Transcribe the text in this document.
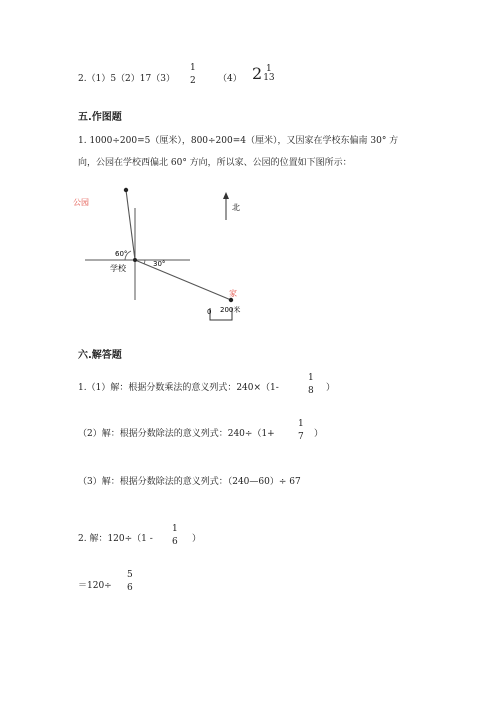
2.（1）5（2）17（3）
1
2 （4） 2 1
13
五.作图题
1. 1000÷200=5（厘米），800÷200=4（厘米），又因家在学校东偏南 30° 方
向，公园在学校西偏北 60° 方向，所以家、公园的位置如下图所示：
公园
60°
30°
学校
家
北
0 200米
六.解答题
1.（1）解：根据分数乘法的意义列式：240×（1-
1
8 ）
（2）解：根据分数除法的意义列式：240÷（1+
1
7 ）
（3）解：根据分数除法的意义列式：（240—60）÷ 67
2. 解：120÷（1 -
1
6 ）
＝120÷
5
6
